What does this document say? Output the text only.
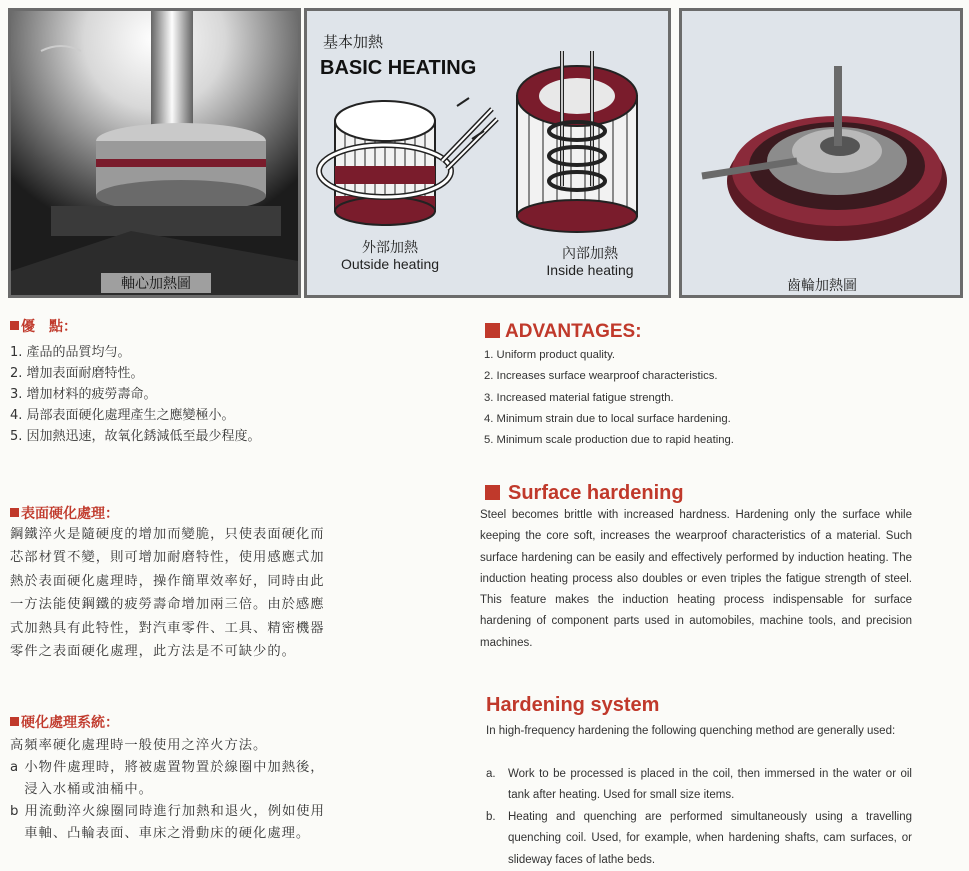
軸心加熱圖
基本加熱
BASIC HEATING
外部加熱
Outside heating
內部加熱
Inside heating
齒輪加熱圖
優　點：
1. 產品的品質均勻。
2. 增加表面耐磨特性。
3. 增加材料的疲勞壽命。
4. 局部表面硬化處理產生之應變極小。
5. 因加熱迅速，故氧化銹減低至最少程度。
表面硬化處理：
鋼鐵淬火是隨硬度的增加而變脆，只使表面硬化而
芯部材質不變，則可增加耐磨特性，使用感應式加
熱於表面硬化處理時，操作簡單效率好，同時由此
一方法能使鋼鐵的疲勞壽命增加兩三倍。由於感應
式加熱具有此特性，對汽車零件、工具、精密機器
零件之表面硬化處理，此方法是不可缺少的。
硬化處理系統：
高頻率硬化處理時一般使用之淬火方法。
a 小物件處理時，將被處置物置於線圈中加熱後，
　浸入水桶或油桶中。
b 用流動淬火線圈同時進行加熱和退火，例如使用
　車軸、凸輪表面、車床之滑動床的硬化處理。
ADVANTAGES:
1. Uniform product quality.
2. Increases surface wearproof characteristics.
3. Increased material fatigue strength.
4. Minimum strain due to local surface hardening.
5. Minimum scale production due to rapid heating.
Surface hardening
Steel becomes brittle with increased hardness. Hardening only the surface while keeping the core soft, increases the wearproof characteristics of a material. Such surface hardening can be easily and effectively performed by induction heating. The induction heating process also doubles or even triples the fatigue strength of steel. This feature makes the induction heating process indispensable for surface hardening of component parts used in automobiles, machine tools, and precision machines.
Hardening system
In high-frequency hardening the following quenching method are generally used:
a.	Work to be processed is placed in the coil, then immersed in the water or oil tank after heating. Used for small size items.
b.	Heating and quenching are performed simultaneously using a travelling quenching coil. Used, for example, when hardening shafts, cam surfaces, or slideway faces of lathe beds.
